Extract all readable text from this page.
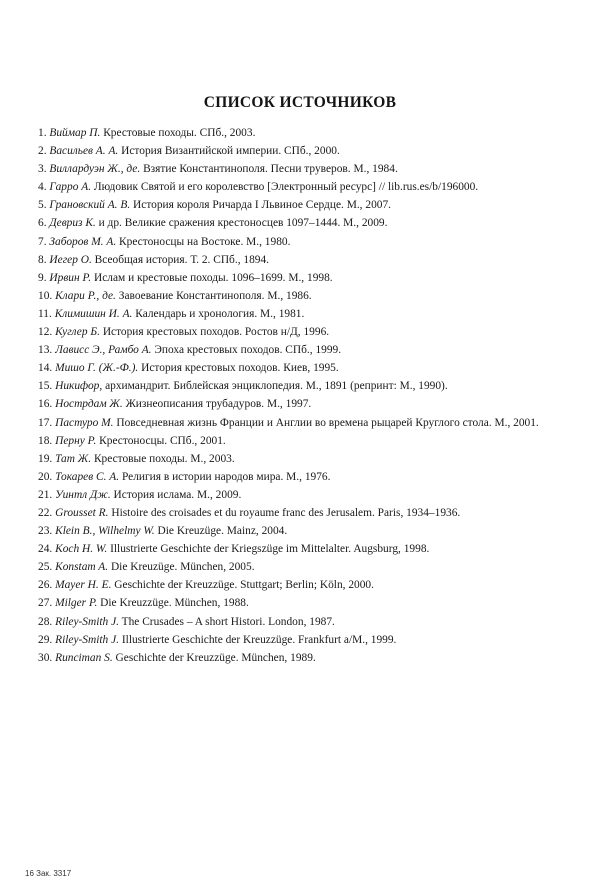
СПИСОК ИСТОЧНИКОВ
1. Виймар П. Крестовые походы. СПб., 2003.
2. Васильев А. А. История Византийской империи. СПб., 2000.
3. Виллардуэн Ж., де. Взятие Константинополя. Песни труверов. М., 1984.
4. Гарро А. Людовик Святой и его королевство [Электронный ресурс] // lib.rus.es/b/196000.
5. Грановский А. В. История короля Ричарда I Львиное Сердце. М., 2007.
6. Девриз К. и др. Великие сражения крестоносцев 1097–1444. М., 2009.
7. Заборов М. А. Крестоносцы на Востоке. М., 1980.
8. Иегер О. Всеобщая история. Т. 2. СПб., 1894.
9. Ирвин Р. Ислам и крестовые походы. 1096–1699. М., 1998.
10. Клари Р., де. Завоевание Константинополя. М., 1986.
11. Климишин И. А. Календарь и хронология. М., 1981.
12. Куглер Б. История крестовых походов. Ростов н/Д, 1996.
13. Лависс Э., Рамбо А. Эпоха крестовых походов. СПб., 1999.
14. Мишо Г. (Ж.-Ф.). История крестовых походов. Киев, 1995.
15. Никифор, архимандрит. Библейская энциклопедия. М., 1891 (репринт: М., 1990).
16. Нострдам Ж. Жизнеописания трубадуров. М., 1997.
17. Пастуро М. Повседневная жизнь Франции и Англии во времена рыцарей Круглого стола. М., 2001.
18. Перну Р. Крестоносцы. СПб., 2001.
19. Тат Ж. Крестовые походы. М., 2003.
20. Токарев С. А. Религия в истории народов мира. М., 1976.
21. Уинтл Дж. История ислама. М., 2009.
22. Grousset R. Histoire des croisades et du royaume franc des Jerusalem. Paris, 1934–1936.
23. Klein B., Wilhelmy W. Die Kreuzüge. Mainz, 2004.
24. Koch H. W. Illustrierte Geschichte der Kriegszüge im Mittelalter. Augsburg, 1998.
25. Konstam A. Die Kreuzüge. München, 2005.
26. Mayer H. E. Geschichte der Kreuzzüge. Stuttgart; Berlin; Köln, 2000.
27. Milger P. Die Kreuzzüge. München, 1988.
28. Riley-Smith J. The Crusades – A short Histori. London, 1987.
29. Riley-Smith J. Illustrierte Geschichte der Kreuzzüge. Frankfurt a/M., 1999.
30. Runciman S. Geschichte der Kreuzzüge. München, 1989.
16 Зак. 3317
